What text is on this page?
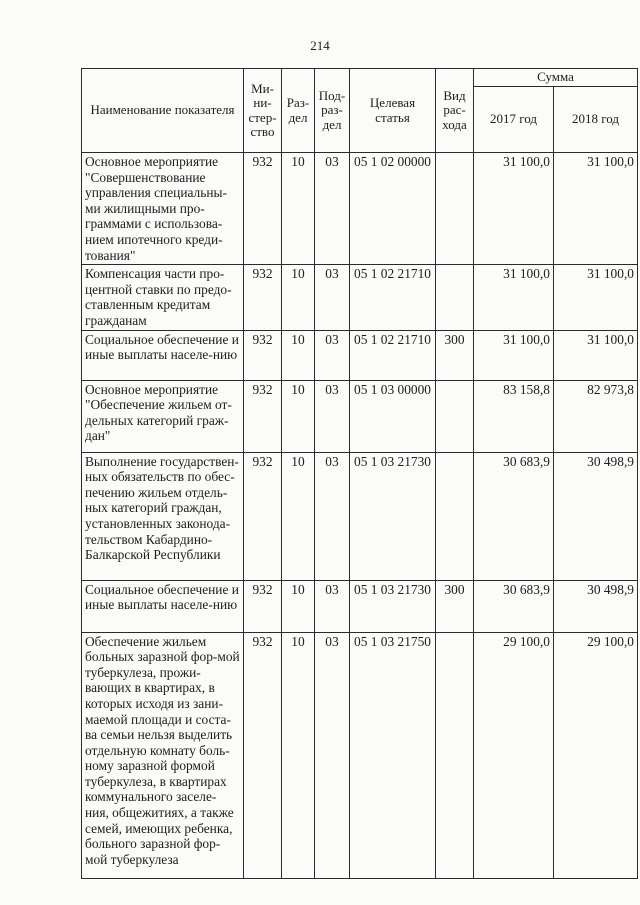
214
Наименование показателя	Ми-ни-стер-ство	Раз-дел	Под-раз-дел	Целевая статья	Вид рас-хода	Сумма	
						2017 год	2018 год
Основное мероприятие "Совершенствование управления специальны-ми жилищными про-граммами с использова-нием ипотечного креди-тования"	932	10	03	05 1 02 00000		31 100,0	31 100,0
Компенсация части про-центной ставки по предо-ставленным кредитам гражданам	932	10	03	05 1 02 21710		31 100,0	31 100,0
Социальное обеспечение и иные выплаты населе-нию	932	10	03	05 1 02 21710	300	31 100,0	31 100,0
Основное мероприятие "Обеспечение жильем от-дельных категорий граж-дан"	932	10	03	05 1 03 00000		83 158,8	82 973,8
Выполнение государствен-ных обязательств по обес-печению жильем отдель-ных категорий граждан, установленных законода-тельством Кабардино-Балкарской Республики	932	10	03	05 1 03 21730		30 683,9	30 498,9
Социальное обеспечение и иные выплаты населе-нию	932	10	03	05 1 03 21730	300	30 683,9	30 498,9
Обеспечение жильем больных заразной фор-мой туберкулеза, прожи-вающих в квартирах, в которых исходя из зани-маемой площади и соста-ва семьи нельзя выделить отдельную комнату боль-ному заразной формой туберкулеза, в квартирах коммунального заселе-ния, общежитиях, а также семей, имеющих ребенка, больного заразной фор-мой туберкулеза	932	10	03	05 1 03 21750		29 100,0	29 100,0
